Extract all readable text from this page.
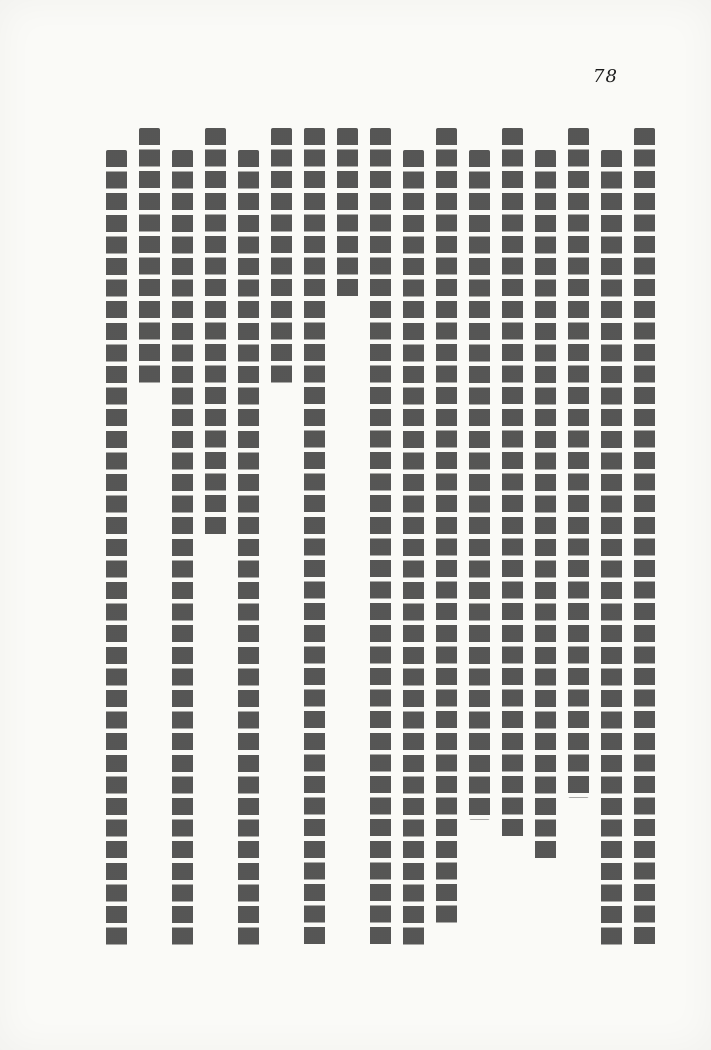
78
